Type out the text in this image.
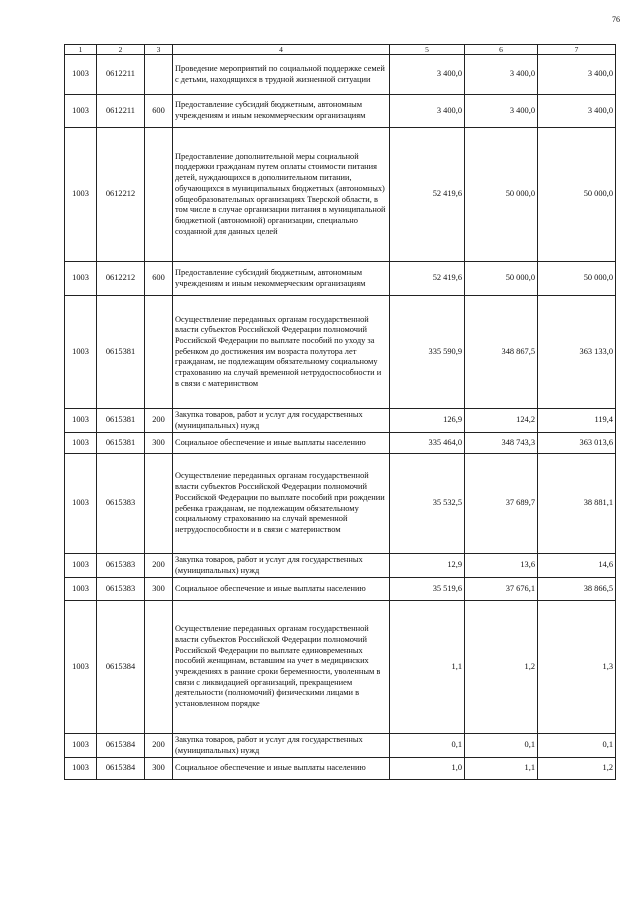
76
1	2	3	4	5	6	7
1003	0612211		Проведение мероприятий по социальной поддержке семей с детьми, находящихся в трудной жизненной ситуации	3 400,0	3 400,0	3 400,0
1003	0612211	600	Предоставление субсидий бюджетным, автономным учреждениям и иным некоммерческим организациям	3 400,0	3 400,0	3 400,0
1003	0612212		Предоставление дополнительной меры социальной поддержки гражданам путем оплаты стоимости питания детей, нуждающихся в дополнительном питании, обучающихся в муниципальных бюджетных (автономных) общеобразовательных организациях Тверской области, в том числе в случае организации питания в муниципальной бюджетной (автономной) организации, специально созданной для данных целей	52 419,6	50 000,0	50 000,0
1003	0612212	600	Предоставление субсидий бюджетным, автономным учреждениям и иным некоммерческим организациям	52 419,6	50 000,0	50 000,0
1003	0615381		Осуществление переданных органам государственной власти субъектов Российской Федерации полномочий Российской Федерации по выплате пособий по уходу за ребенком до достижения им возраста полутора лет гражданам, не подлежащим обязательному социальному страхованию на случай временной нетрудоспособности и в связи с материнством	335 590,9	348 867,5	363 133,0
1003	0615381	200	Закупка товаров, работ и услуг для государственных (муниципальных) нужд	126,9	124,2	119,4
1003	0615381	300	Социальное обеспечение и иные выплаты населению	335 464,0	348 743,3	363 013,6
1003	0615383		Осуществление переданных органам государственной власти субъектов Российской Федерации полномочий Российской Федерации по выплате пособий при рождении ребенка гражданам, не подлежащим обязательному социальному страхованию на случай временной нетрудоспособности и в связи с материнством	35 532,5	37 689,7	38 881,1
1003	0615383	200	Закупка товаров, работ и услуг для государственных (муниципальных) нужд	12,9	13,6	14,6
1003	0615383	300	Социальное обеспечение и иные выплаты населению	35 519,6	37 676,1	38 866,5
1003	0615384		Осуществление переданных органам государственной власти субъектов Российской Федерации полномочий Российской Федерации по выплате единовременных пособий женщинам, вставшим на учет в медицинских учреждениях в ранние сроки беременности, уволенным в связи с ликвидацией организаций, прекращением деятельности (полномочий) физическими лицами в установленном порядке	1,1	1,2	1,3
1003	0615384	200	Закупка товаров, работ и услуг для государственных (муниципальных) нужд	0,1	0,1	0,1
1003	0615384	300	Социальное обеспечение и иные выплаты населению	1,0	1,1	1,2
